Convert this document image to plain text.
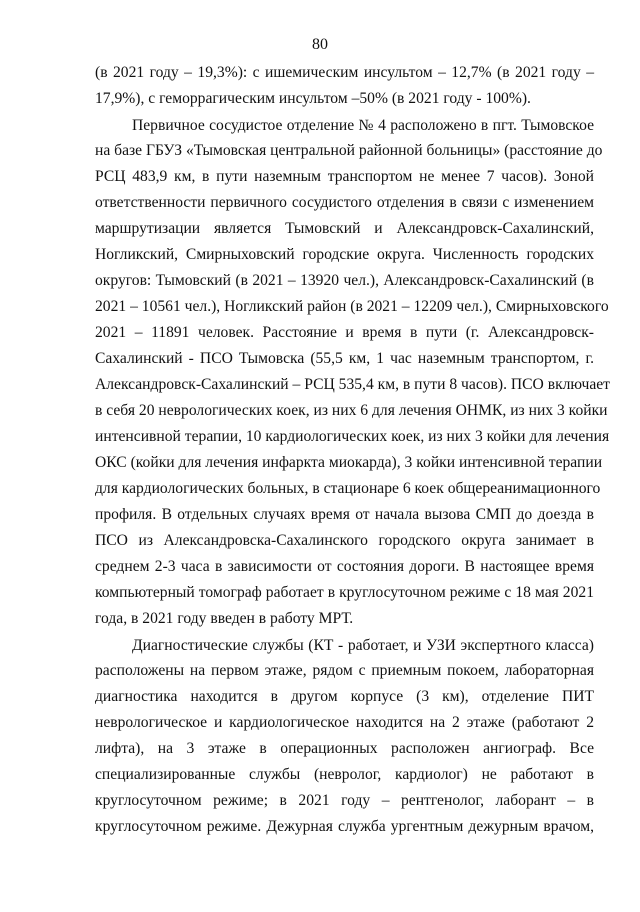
80
(в 2021 году – 19,3%): с ишемическим инсультом – 12,7% (в 2021 году –
17,9%), с геморрагическим инсультом –50% (в 2021 году - 100%).
Первичное сосудистое отделение № 4 расположено в пгт. Тымовское
на базе ГБУЗ «Тымовская центральной районной больницы» (расстояние до
РСЦ 483,9 км, в пути наземным транспортом не менее 7 часов). Зоной
ответственности первичного сосудистого отделения в связи с изменением
маршрутизации является Тымовский и Александровск-Сахалинский,
Ногликский, Смирныховский городские округа. Численность городских
округов: Тымовский (в 2021 – 13920 чел.), Александровск-Сахалинский (в
2021 – 10561 чел.), Ногликский район (в 2021 – 12209 чел.), Смирныховского
2021 – 11891 человек. Расстояние и время в пути (г. Александровск-
Сахалинский - ПСО Тымовска (55,5 км, 1 час наземным транспортом, г.
Александровск-Сахалинский – РСЦ 535,4 км, в пути 8 часов). ПСО включает
в себя 20 неврологических коек, из них 6 для лечения ОНМК, из них 3 койки
интенсивной терапии, 10 кардиологических коек, из них 3 койки для лечения
ОКС (койки для лечения инфаркта миокарда), 3 койки интенсивной терапии
для кардиологических больных, в стационаре 6 коек общереанимационного
профиля. В отдельных случаях время от начала вызова СМП до доезда в
ПСО из Александровска-Сахалинского городского округа занимает в
среднем 2-3 часа в зависимости от состояния дороги. В настоящее время
компьютерный томограф работает в круглосуточном режиме с 18 мая 2021
года, в 2021 году введен в работу МРТ.
Диагностические службы (КТ - работает, и УЗИ экспертного класса)
расположены на первом этаже, рядом с приемным покоем, лабораторная
диагностика находится в другом корпусе (3 км), отделение ПИТ
неврологическое и кардиологическое находится на 2 этаже (работают 2
лифта), на 3 этаже в операционных расположен ангиограф. Все
специализированные службы (невролог, кардиолог) не работают в
круглосуточном режиме; в 2021 году – рентгенолог, лаборант – в
круглосуточном режиме. Дежурная служба ургентным дежурным врачом,
